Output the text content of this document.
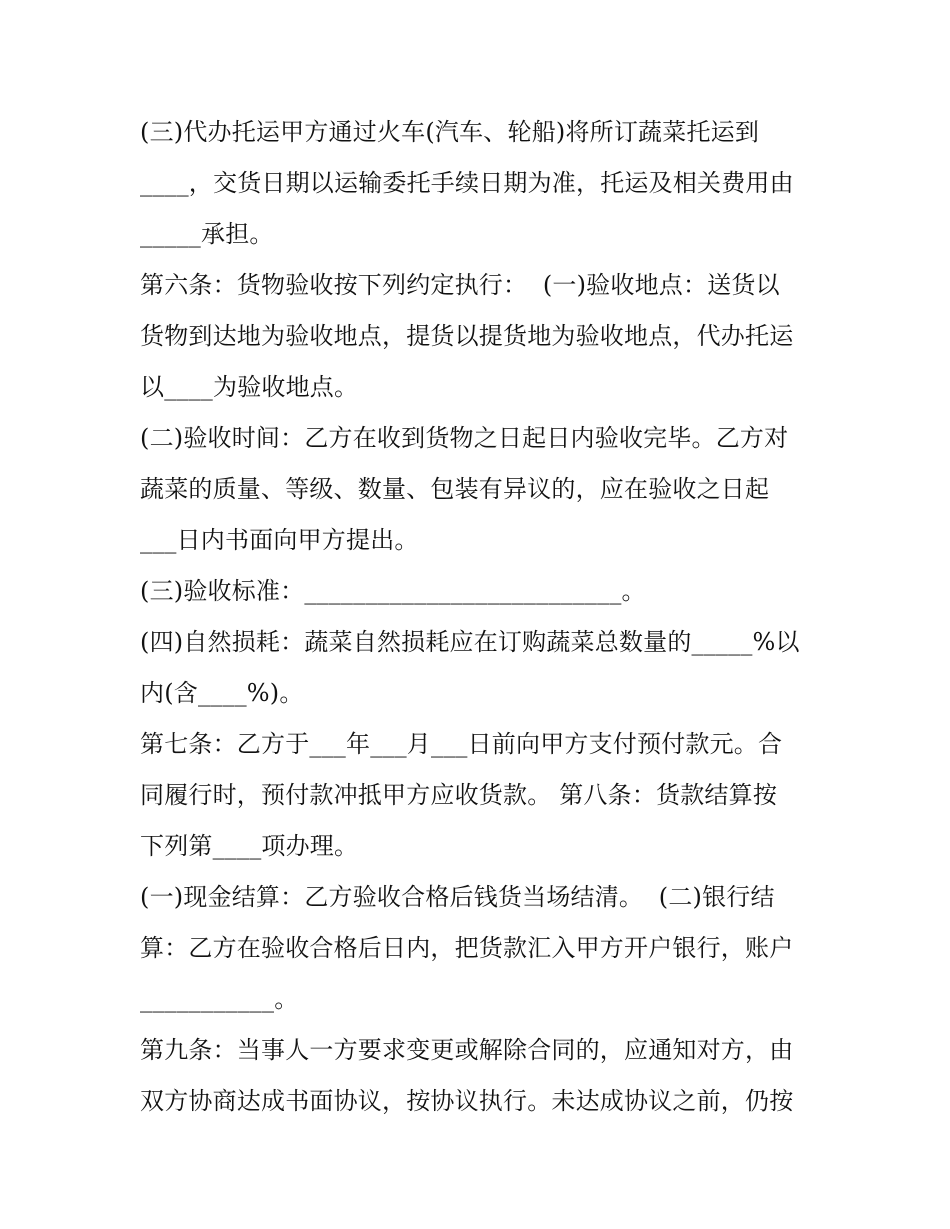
(三)代办托运甲方通过火车(汽车、轮船)将所订蔬菜托运到
____，交货日期以运输委托手续日期为准，托运及相关费用由
_____承担。
第六条：货物验收按下列约定执行：  (一)验收地点：送货以
货物到达地为验收地点，提货以提货地为验收地点，代办托运
以____为验收地点。
(二)验收时间：乙方在收到货物之日起日内验收完毕。乙方对
蔬菜的质量、等级、数量、包装有异议的，应在验收之日起
___日内书面向甲方提出。
(三)验收标准：__________________________。
(四)自然损耗：蔬菜自然损耗应在订购蔬菜总数量的_____%以
内(含____%)。
第七条：乙方于___年___月___日前向甲方支付预付款元。合
同履行时，预付款冲抵甲方应收货款。 第八条：货款结算按
下列第____项办理。
(一)现金结算：乙方验收合格后钱货当场结清。  (二)银行结
算：乙方在验收合格后日内，把货款汇入甲方开户银行，账户
___________。
第九条：当事人一方要求变更或解除合同的，应通知对方，由
双方协商达成书面协议，按协议执行。未达成协议之前，仍按
